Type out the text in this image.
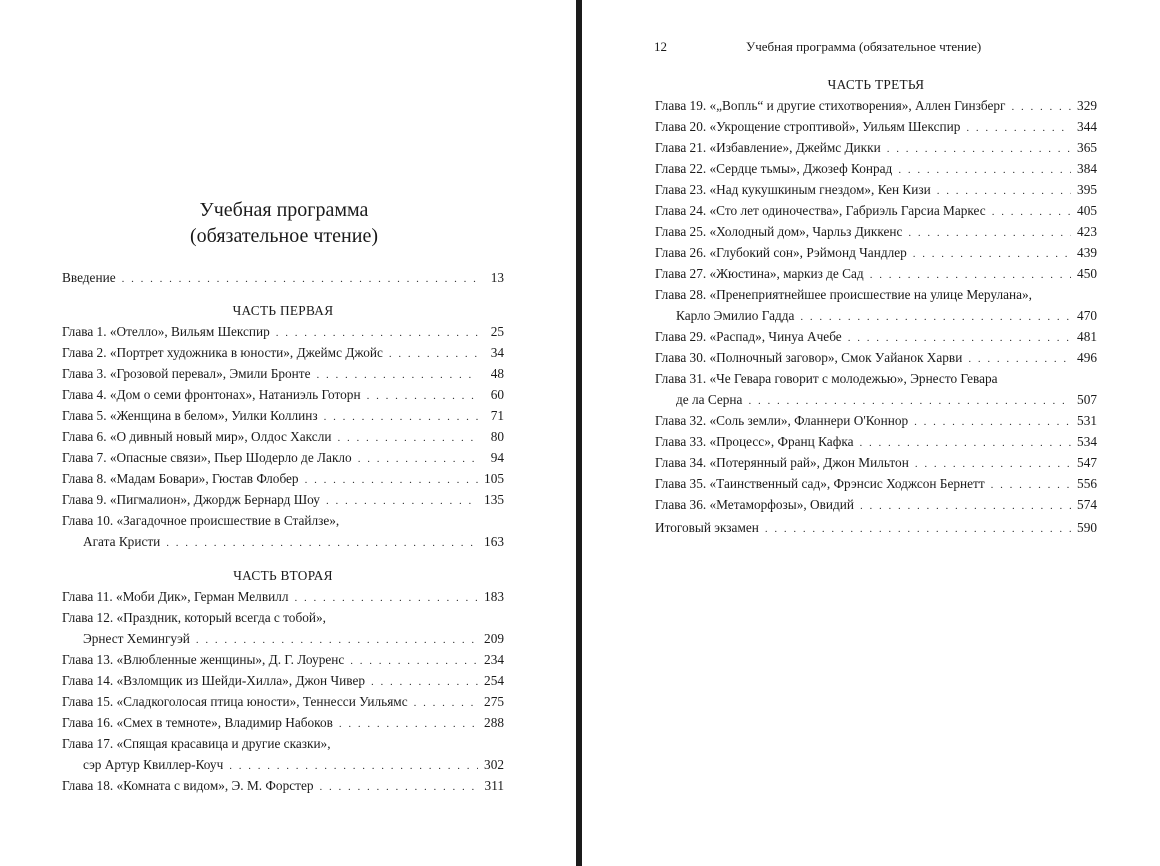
Учебная программа
(обязательное чтение)
Введение . . .	13
ЧАСТЬ ПЕРВАЯ
Глава 1. «Отелло», Вильям Шекспир . . .	25
Глава 2. «Портрет художника в юности», Джеймс Джойс . . .	34
Глава 3. «Грозовой перевал», Эмили Бронте . . .	48
Глава 4. «Дом о семи фронтонах», Натаниэль Готорн . . .	60
Глава 5. «Женщина в белом», Уилки Коллинз . . .	71
Глава 6. «О дивный новый мир», Олдос Хаксли . . .	80
Глава 7. «Опасные связи», Пьер Шодерло де Лакло . . .	94
Глава 8. «Мадам Бовари», Гюстав Флобер . . .	105
Глава 9. «Пигмалион», Джордж Бернард Шоу . . .	135
Глава 10. «Загадочное происшествие в Стайлзе»,
Агата Кристи . . .	163
ЧАСТЬ ВТОРАЯ
Глава 11. «Моби Дик», Герман Мелвилл . . .	183
Глава 12. «Праздник, который всегда с тобой»,
Эрнест Хемингуэй . . .	209
Глава 13. «Влюбленные женщины», Д. Г. Лоуренс . . .	234
Глава 14. «Взломщик из Шейди-Хилла», Джон Чивер . . .	254
Глава 15. «Сладкоголосая птица юности», Теннесси Уильямс . . .	275
Глава 16. «Смех в темноте», Владимир Набоков . . .	288
Глава 17. «Спящая красавица и другие сказки»,
сэр Артур Квиллер-Коуч . . .	302
Глава 18. «Комната с видом», Э. М. Форстер . . .	311
12	Учебная программа (обязательное чтение)
ЧАСТЬ ТРЕТЬЯ
Глава 19. «„Вопль“ и другие стихотворения», Аллен Гинзберг . . .	329
Глава 20. «Укрощение строптивой», Уильям Шекспир . . .	344
Глава 21. «Избавление», Джеймс Дикки . . .	365
Глава 22. «Сердце тьмы», Джозеф Конрад . . .	384
Глава 23. «Над кукушкиным гнездом», Кен Кизи . . .	395
Глава 24. «Сто лет одиночества», Габриэль Гарсиа Маркес . . .	405
Глава 25. «Холодный дом», Чарльз Диккенс . . .	423
Глава 26. «Глубокий сон», Рэймонд Чандлер . . .	439
Глава 27. «Жюстина», маркиз де Сад . . .	450
Глава 28. «Пренеприятнейшее происшествие на улице Мерулана»,
Карло Эмилио Гадда . . .	470
Глава 29. «Распад», Чинуа Ачебе . . .	481
Глава 30. «Полночный заговор», Смок Уайанок Харви . . .	496
Глава 31. «Че Гевара говорит с молодежью», Эрнесто Гевара
де ла Серна . . .	507
Глава 32. «Соль земли», Фланнери О'Коннор . . .	531
Глава 33. «Процесс», Франц Кафка . . .	534
Глава 34. «Потерянный рай», Джон Мильтон . . .	547
Глава 35. «Таинственный сад», Фрэнсис Ходжсон Бернетт . . .	556
Глава 36. «Метаморфозы», Овидий . . .	574
Итоговый экзамен . . .	590
